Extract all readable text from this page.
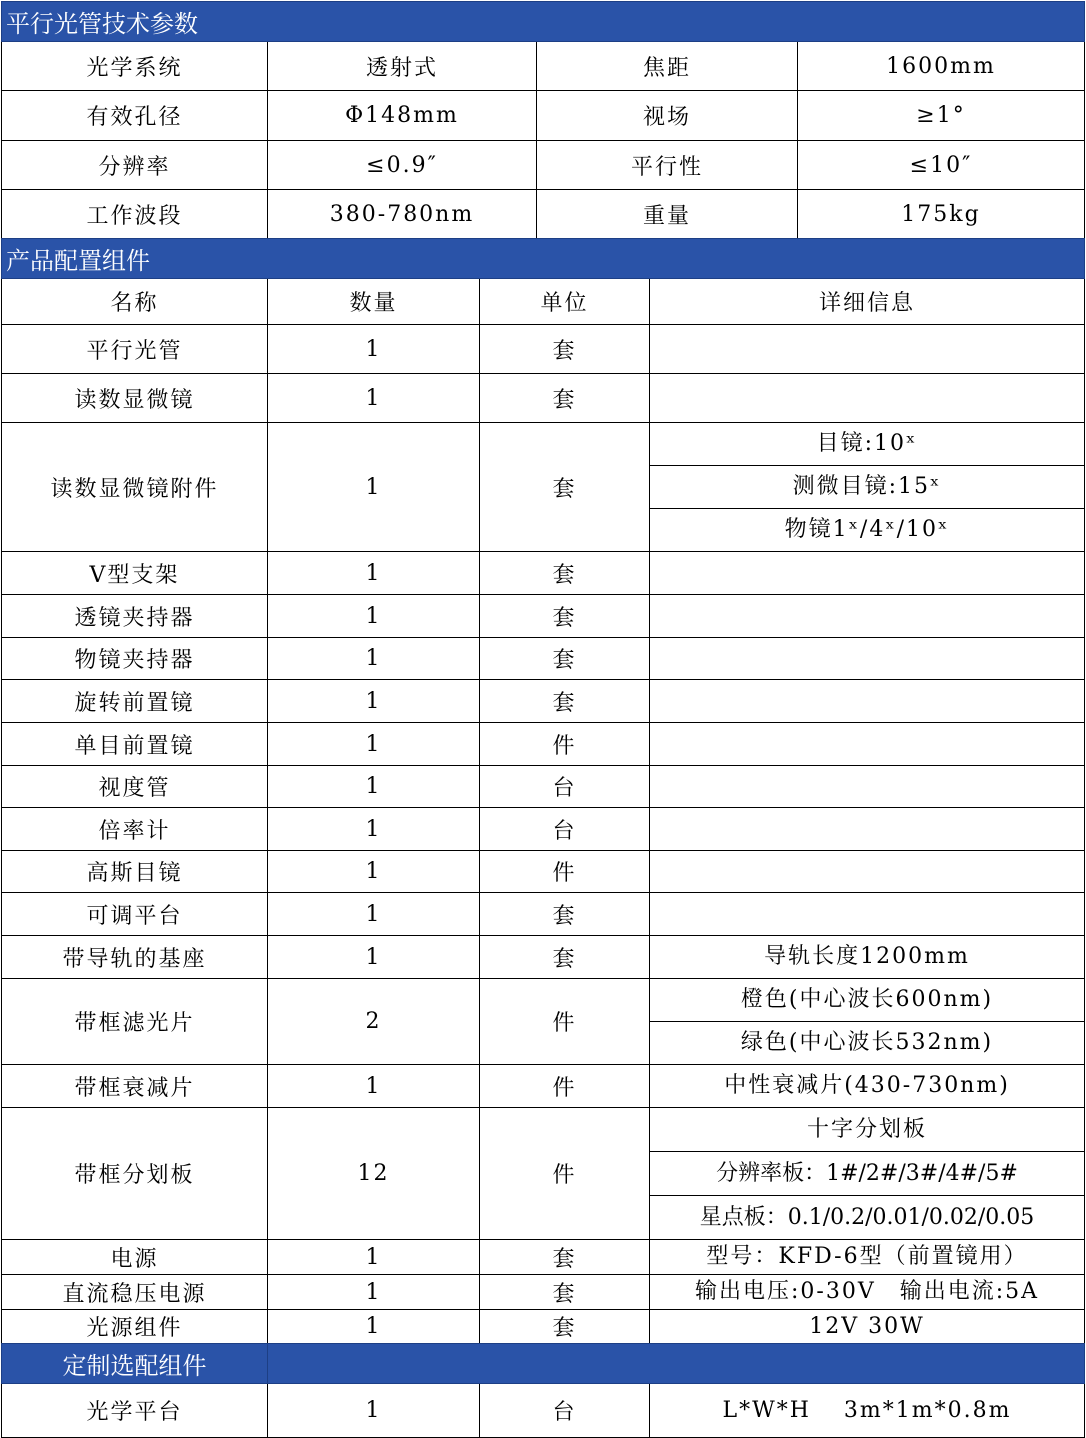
平行光管技术参数			
光学系统	透射式	焦距	1600mm
有效孔径	Φ148mm	视场	≥1°
分辨率	≤0.9″	平行性	≤10″
工作波段	380-780nm	重量	175kg
产品配置组件			
名称	数量	单位	详细信息
平行光管	1	套	
读数显微镜	1	套	
读数显微镜附件	1	套	目镜:10ˣ
测微目镜:15ˣ
物镜1ˣ/4ˣ/10ˣ

V型支架	1	套	
透镜夹持器	1	套	
物镜夹持器	1	套	
旋转前置镜	1	套	
单目前置镜	1	件	
视度管	1	台	
倍率计	1	台	
高斯目镜	1	件	
可调平台	1	套	
带导轨的基座	1	套	导轨长度1200mm

带框滤光片	2	件	橙色(中心波长600nm)
绿色(中心波长532nm)

带框衰减片	1	件	中性衰减片(430-730nm)

带框分划板	12	件	十字分划板
分辨率板：1#/2#/3#/4#/5#
星点板：0.1/0.2/0.01/0.02/0.05

电源	1	套	型号：KFD-6型（前置镜用）

直流稳压电源	1	套	输出电压:0-30V　输出电流:5A

光源组件	1	套	12V 30W
定制选配组件			
光学平台	1	台	L*W*H　 3m*1m*0.8m
